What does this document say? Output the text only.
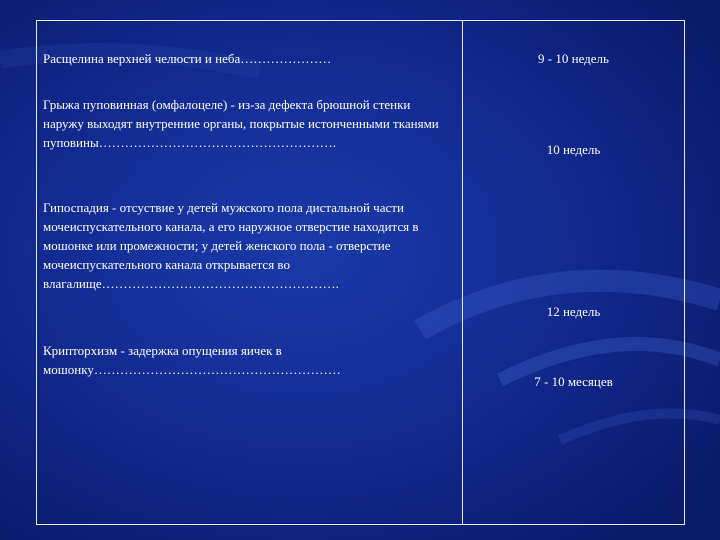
Расщелина верхней челюсти и неба…………………	9 - 10 недель
Грыжа пуповинная (омфалоцеле) - из-за дефекта брюшной стенки наружу выходят внутренние органы, покрытые истонченными тканями пуповины……………………………………………….	10 недель
Гипоспадия - отсуствие у детей мужского пола дистальной части мочеиспускательного канала, а его наружное отверстие находится в мошонке или промежности; у детей женского пола - отверстие мочеиспускательного канала открывается во влагалище……………………………………………….
12 недель
Крипторхизм - задержка опущения яичек в мошонку…………………………………………………
7 - 10 месяцев
